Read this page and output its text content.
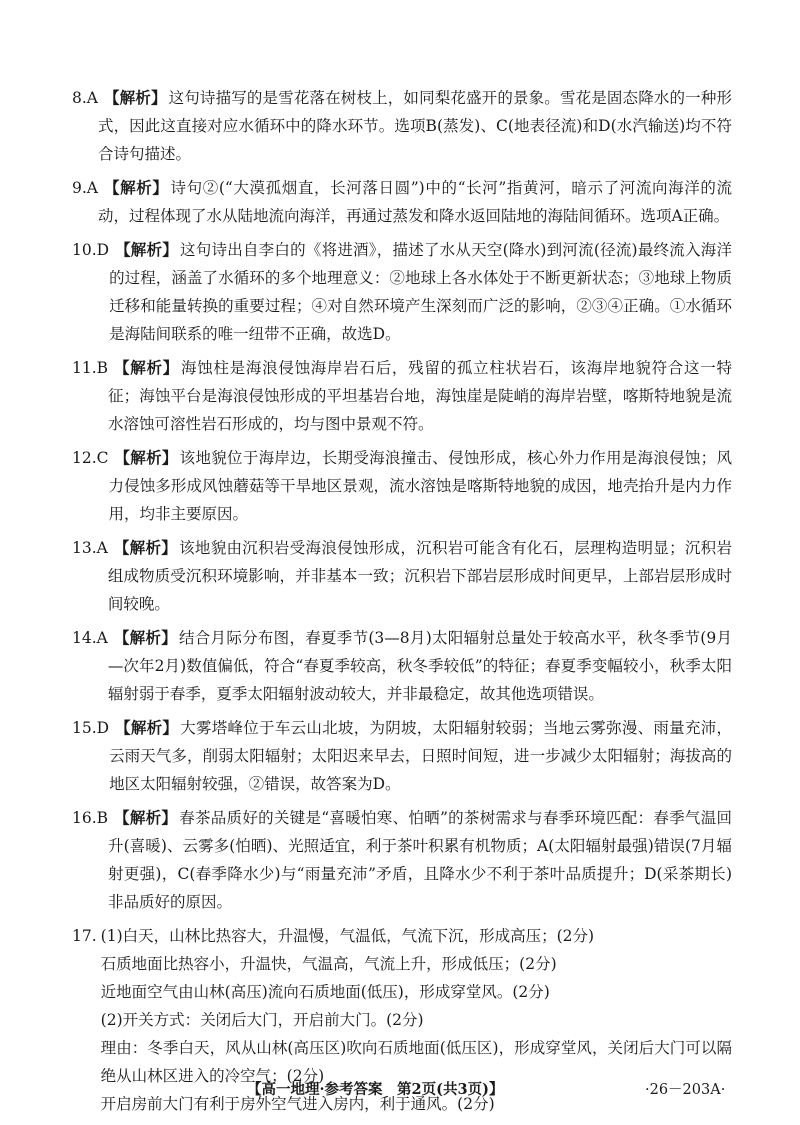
8.A 【解析】 这句诗描写的是雪花落在树枝上，如同梨花盛开的景象。雪花是固态降水的一种形式，因此这直接对应水循环中的降水环节。选项B(蒸发)、C(地表径流)和D(水汽输送)均不符合诗句描述。
9.A 【解析】 诗句②(“大漠孤烟直，长河落日圆”)中的“长河”指黄河，暗示了河流向海洋的流动，过程体现了水从陆地流向海洋，再通过蒸发和降水返回陆地的海陆间循环。选项A正确。
10.D 【解析】 这句诗出自李白的《将进酒》，描述了水从天空(降水)到河流(径流)最终流入海洋的过程，涵盖了水循环的多个地理意义：②地球上各水体处于不断更新状态；③地球上物质迁移和能量转换的重要过程；④对自然环境产生深刻而广泛的影响，②③④正确。①水循环是海陆间联系的唯一纽带不正确，故选D。
11.B 【解析】 海蚀柱是海浪侵蚀海岸岩石后，残留的孤立柱状岩石，该海岸地貌符合这一特征；海蚀平台是海浪侵蚀形成的平坦基岩台地，海蚀崖是陡峭的海岸岩壁，喀斯特地貌是流水溶蚀可溶性岩石形成的，均与图中景观不符。
12.C 【解析】 该地貌位于海岸边，长期受海浪撞击、侵蚀形成，核心外力作用是海浪侵蚀；风力侵蚀多形成风蚀蘑菇等干旱地区景观，流水溶蚀是喀斯特地貌的成因，地壳抬升是内力作用，均非主要原因。
13.A 【解析】 该地貌由沉积岩受海浪侵蚀形成，沉积岩可能含有化石，层理构造明显；沉积岩组成物质受沉积环境影响，并非基本一致；沉积岩下部岩层形成时间更早，上部岩层形成时间较晚。
14.A 【解析】 结合月际分布图，春夏季节(3—8月)太阳辐射总量处于较高水平，秋冬季节(9月—次年2月)数值偏低，符合“春夏季较高，秋冬季较低”的特征；春夏季变幅较小，秋季太阳辐射弱于春季，夏季太阳辐射波动较大，并非最稳定，故其他选项错误。
15.D 【解析】 大雾塔峰位于车云山北坡，为阴坡，太阳辐射较弱；当地云雾弥漫、雨量充沛，云雨天气多，削弱太阳辐射；太阳迟来早去，日照时间短，进一步减少太阳辐射；海拔高的地区太阳辐射较强，②错误，故答案为D。
16.B 【解析】 春茶品质好的关键是“喜暖怕寒、怕晒”的茶树需求与春季环境匹配：春季气温回升(喜暖)、云雾多(怕晒)、光照适宜，利于茶叶积累有机物质；A(太阳辐射最强)错误(7月辐射更强)，C(春季降水少)与“雨量充沛”矛盾，且降水少不利于茶叶品质提升；D(采茶期长)非品质好的原因。
17. (1)白天，山林比热容大，升温慢，气温低，气流下沉，形成高压；(2分)
石质地面比热容小，升温快，气温高，气流上升，形成低压；(2分)
近地面空气由山林(高压)流向石质地面(低压)，形成穿堂风。(2分)
(2)开关方式：关闭后大门，开启前大门。(2分)
理由：冬季白天，风从山林(高压区)吹向石质地面(低压区)，形成穿堂风，关闭后大门可以隔绝从山林区进入的冷空气；(2分)
开启房前大门有利于房外空气进入房内，利于通风。(2分)
【高一地理·参考答案　第2页(共3页)】	·26－203A·
